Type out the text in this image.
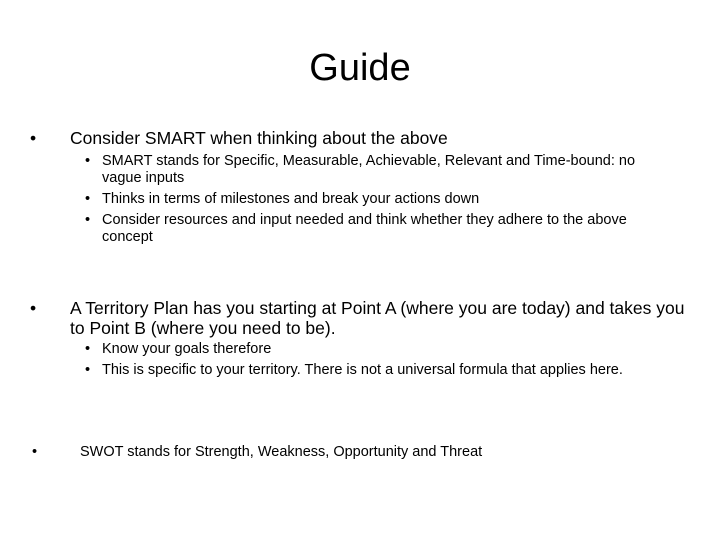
Guide
• Consider SMART when thinking about the above
• SMART stands for Specific, Measurable, Achievable, Relevant and Time-bound: no vague inputs
• Thinks in terms of milestones and break your actions down
• Consider resources and input needed and think whether they adhere to the above concept
• A Territory Plan has you starting at Point A (where you are today) and takes you to Point B (where you need to be).
• Know your goals therefore
• This is specific to your territory. There is not a universal formula that applies here.
•	SWOT stands for Strength, Weakness, Opportunity and Threat
